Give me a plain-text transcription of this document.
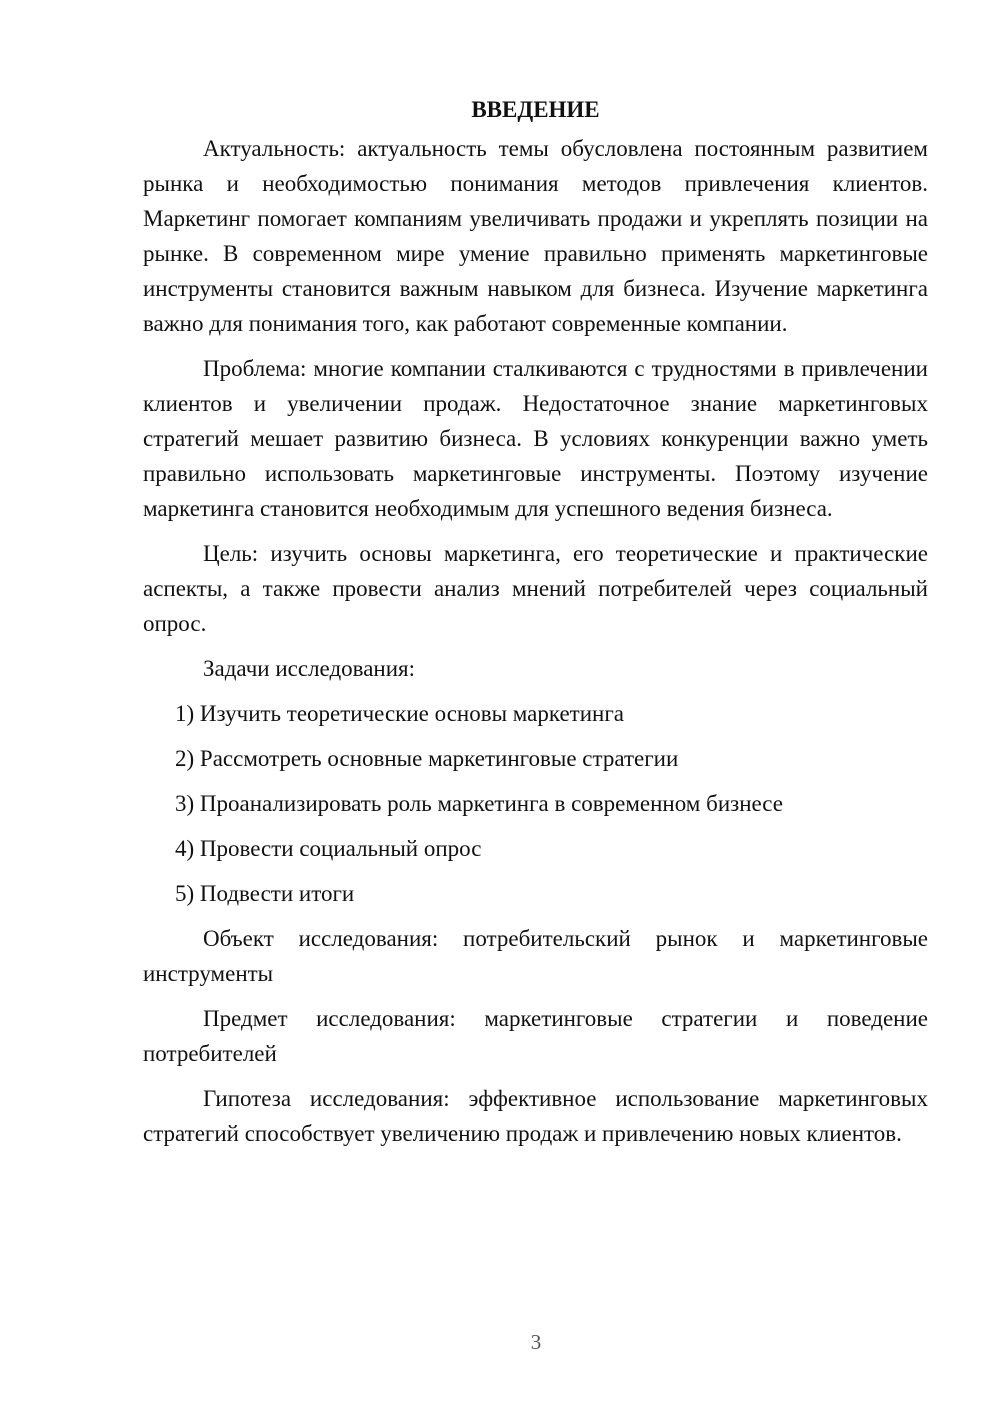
ВВЕДЕНИЕ

Актуальность: актуальность темы обусловлена постоянным развитием рынка и необходимостью понимания методов привлечения клиентов. Маркетинг помогает компаниям увеличивать продажи и укреплять позиции на рынке. В современном мире умение правильно применять маркетинговые инструменты становится важным навыком для бизнеса. Изучение маркетинга важно для понимания того, как работают современные компании.

Проблема: многие компании сталкиваются с трудностями в привлечении клиентов и увеличении продаж. Недостаточное знание маркетинговых стратегий мешает развитию бизнеса. В условиях конкуренции важно уметь правильно использовать маркетинговые инструменты. Поэтому изучение маркетинга становится необходимым для успешного ведения бизнеса.

Цель: изучить основы маркетинга, его теоретические и практические аспекты, а также провести анализ мнений потребителей через социальный опрос.

Задачи исследования:

1) Изучить теоретические основы маркетинга

2) Рассмотреть основные маркетинговые стратегии

3) Проанализировать роль маркетинга в современном бизнесе

4) Провести социальный опрос

5) Подвести итоги

Объект исследования: потребительский рынок и маркетинговые инструменты

Предмет исследования: маркетинговые стратегии и поведение потребителей

Гипотеза исследования: эффективное использование маркетинговых стратегий способствует увеличению продаж и привлечению новых клиентов.

3
